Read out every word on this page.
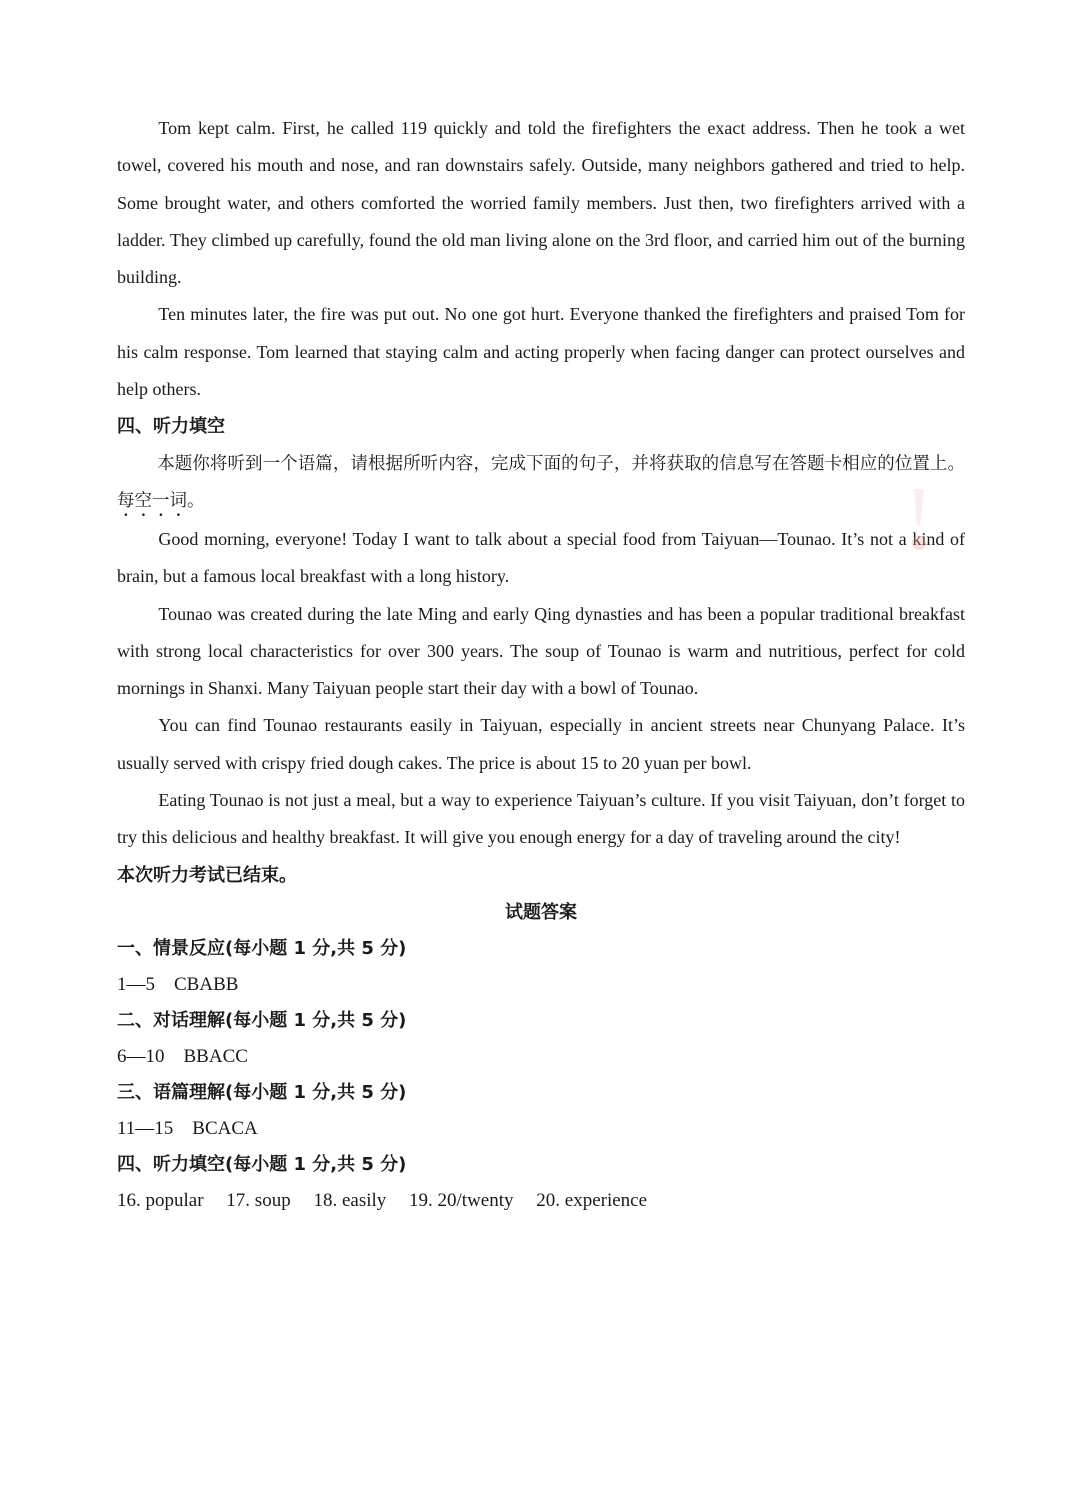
Tom kept calm. First, he called 119 quickly and told the firefighters the exact address. Then he took a wet towel, covered his mouth and nose, and ran downstairs safely. Outside, many neighbors gathered and tried to help. Some brought water, and others comforted the worried family members. Just then, two firefighters arrived with a ladder. They climbed up carefully, found the old man living alone on the 3rd floor, and carried him out of the burning building.

Ten minutes later, the fire was put out. No one got hurt. Everyone thanked the firefighters and praised Tom for his calm response. Tom learned that staying calm and acting properly when facing danger can protect ourselves and help others.

四、听力填空

本题你将听到一个语篇，请根据所听内容，完成下面的句子，并将获取的信息写在答题卡相应的位置上。每空一词。

Good morning, everyone! Today I want to talk about a special food from Taiyuan—Tounao. It’s not a kind of brain, but a famous local breakfast with a long history.

Tounao was created during the late Ming and early Qing dynasties and has been a popular traditional breakfast with strong local characteristics for over 300 years. The soup of Tounao is warm and nutritious, perfect for cold mornings in Shanxi. Many Taiyuan people start their day with a bowl of Tounao.

You can find Tounao restaurants easily in Taiyuan, especially in ancient streets near Chunyang Palace. It’s usually served with crispy fried dough cakes. The price is about 15 to 20 yuan per bowl.

Eating Tounao is not just a meal, but a way to experience Taiyuan’s culture. If you visit Taiyuan, don’t forget to try this delicious and healthy breakfast. It will give you enough energy for a day of traveling around the city!

本次听力考试已结束。

试题答案

一、情景反应(每小题 1 分,共 5 分)

1—5　CBABB

二、对话理解(每小题 1 分,共 5 分)

6—10　BBACC

三、语篇理解(每小题 1 分,共 5 分)

11—15　BCACA

四、听力填空(每小题 1 分,共 5 分)

16. popular 17. soup 18. easily 19. 20/twenty 20. experience
